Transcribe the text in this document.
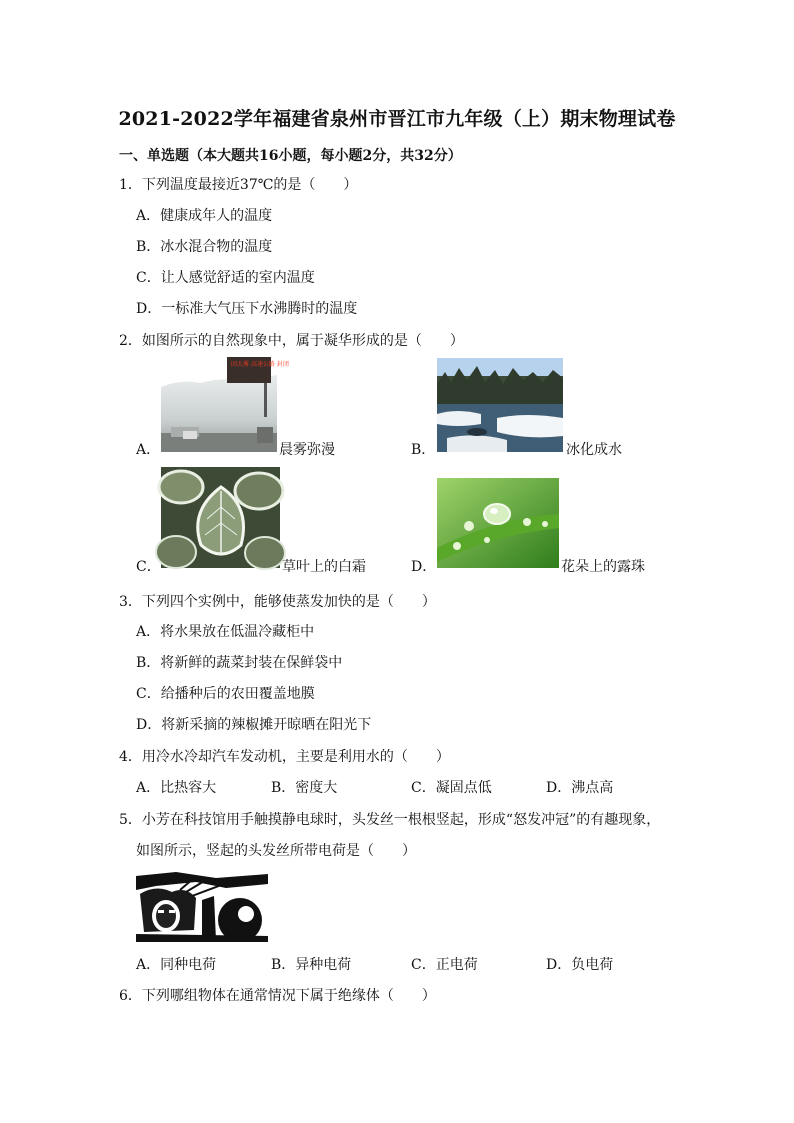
2021-2022学年福建省泉州市晋江市九年级（上）期末物理试卷
一、单选题（本大题共16小题，每小题2分，共32分）
1．下列温度最接近37℃的是（　　）
A．健康成年人的温度
B．冰水混合物的温度
C．让人感觉舒适的室内温度
D．一标准大气压下水沸腾时的温度
2．如图所示的自然现象中，属于凝华形成的是（　　）
A．
因大雾 高速公路 封闭
晨雾弥漫	B．	冰化成水
C．	草叶上的白霜	D．	花朵上的露珠
3．下列四个实例中，能够使蒸发加快的是（　　）
A．将水果放在低温冷藏柜中
B．将新鲜的蔬菜封装在保鲜袋中
C．给播种后的农田覆盖地膜
D．将新采摘的辣椒摊开晾晒在阳光下
4．用冷水冷却汽车发动机，主要是利用水的（　　）
A．比热容大	B．密度大	C．凝固点低	D．沸点高
5．小芳在科技馆用手触摸静电球时，头发丝一根根竖起，形成“怒发冲冠”的有趣现象，
如图所示，竖起的头发丝所带电荷是（　　）
A．同种电荷	B．异种电荷	C．正电荷	D．负电荷
6．下列哪组物体在通常情况下属于绝缘体（　　）
